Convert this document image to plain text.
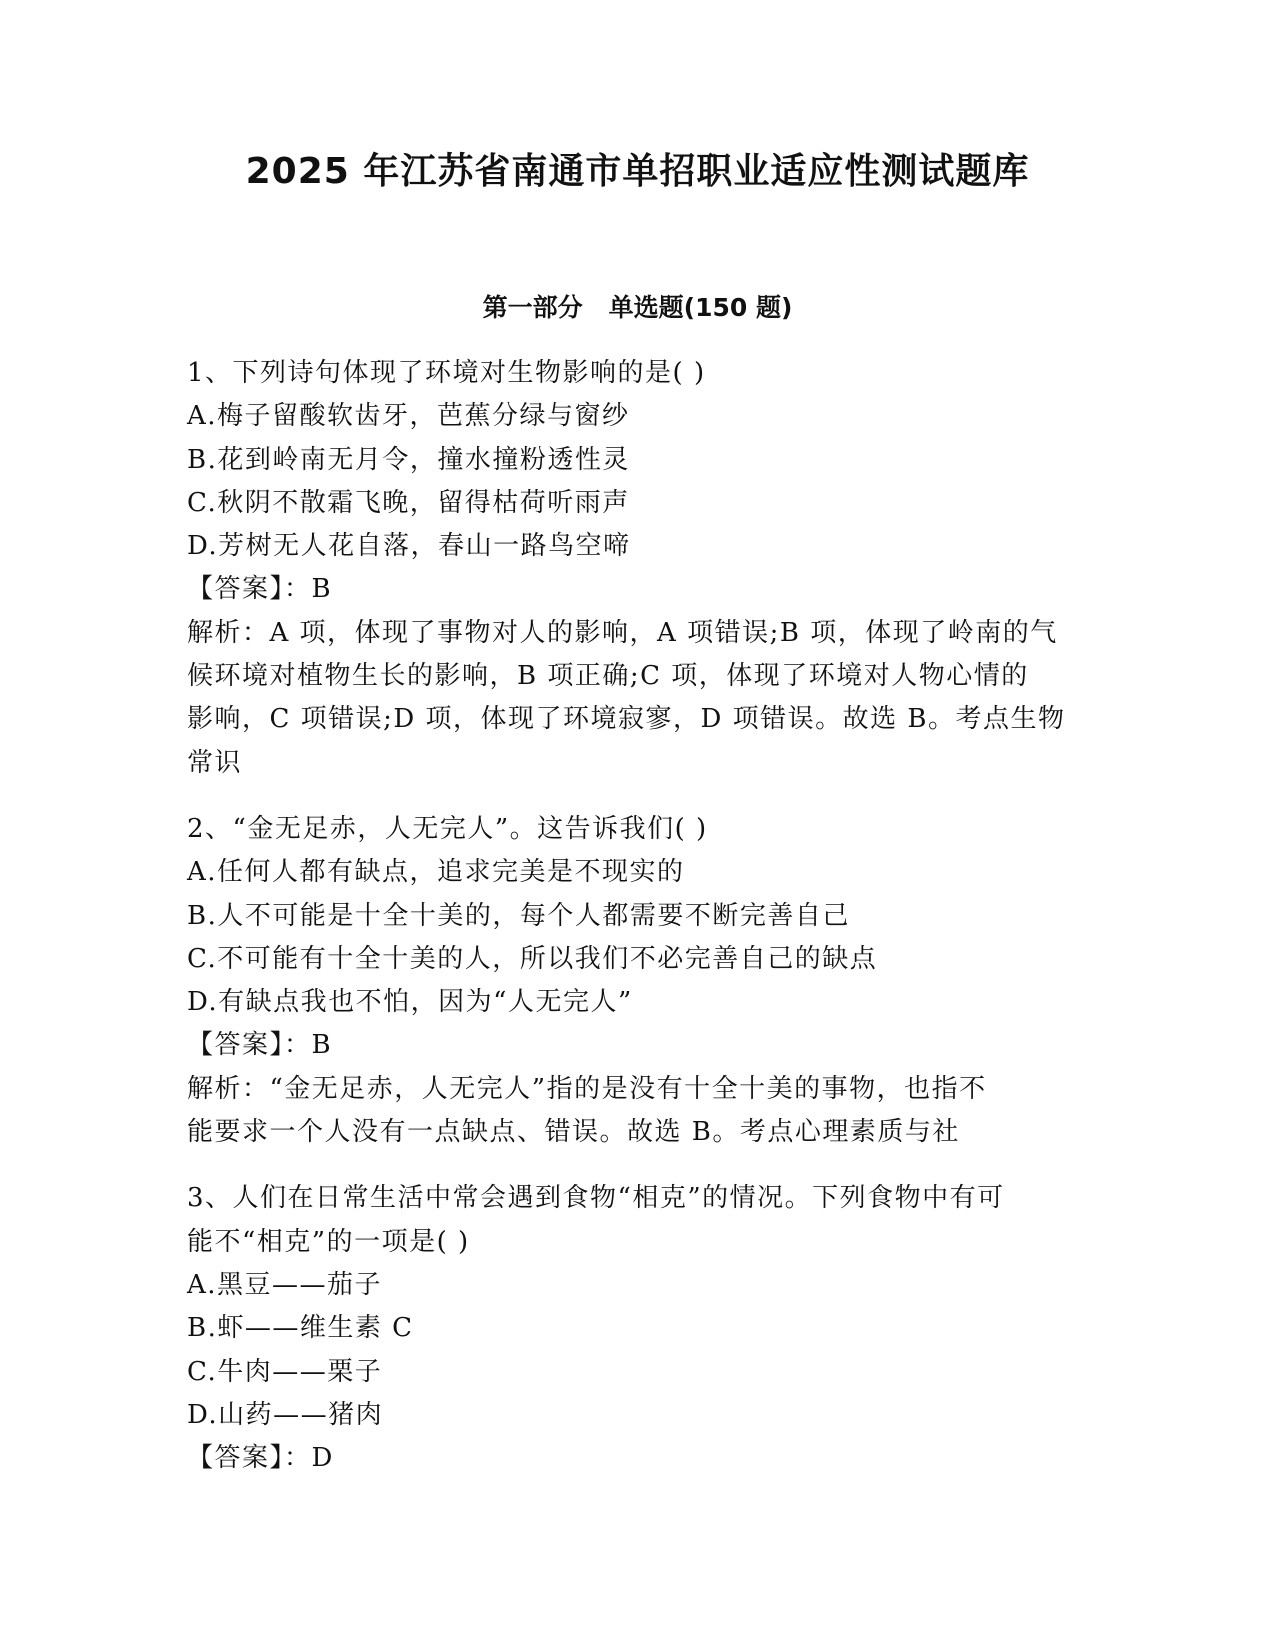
2025 年江苏省南通市单招职业适应性测试题库
第一部分   单选题(150 题)
1、下列诗句体现了环境对生物影响的是( )
A.梅子留酸软齿牙，芭蕉分绿与窗纱
B.花到岭南无月令，撞水撞粉透性灵
C.秋阴不散霜飞晚，留得枯荷听雨声
D.芳树无人花自落，春山一路鸟空啼
【答案】：B
解析：A 项，体现了事物对人的影响，A 项错误;B 项，体现了岭南的气
候环境对植物生长的影响，B 项正确;C 项，体现了环境对人物心情的
影响，C 项错误;D 项，体现了环境寂寥，D 项错误。故选 B。考点生物
常识
2、“金无足赤，人无完人”。这告诉我们( )
A.任何人都有缺点，追求完美是不现实的
B.人不可能是十全十美的，每个人都需要不断完善自己
C.不可能有十全十美的人，所以我们不必完善自己的缺点
D.有缺点我也不怕，因为“人无完人”
【答案】：B
解析：“金无足赤，人无完人”指的是没有十全十美的事物，也指不
能要求一个人没有一点缺点、错误。故选 B。考点心理素质与社
3、人们在日常生活中常会遇到食物“相克”的情况。下列食物中有可
能不“相克”的一项是( )
A.黑豆——茄子
B.虾——维生素 C
C.牛肉——栗子
D.山药——猪肉
【答案】：D
